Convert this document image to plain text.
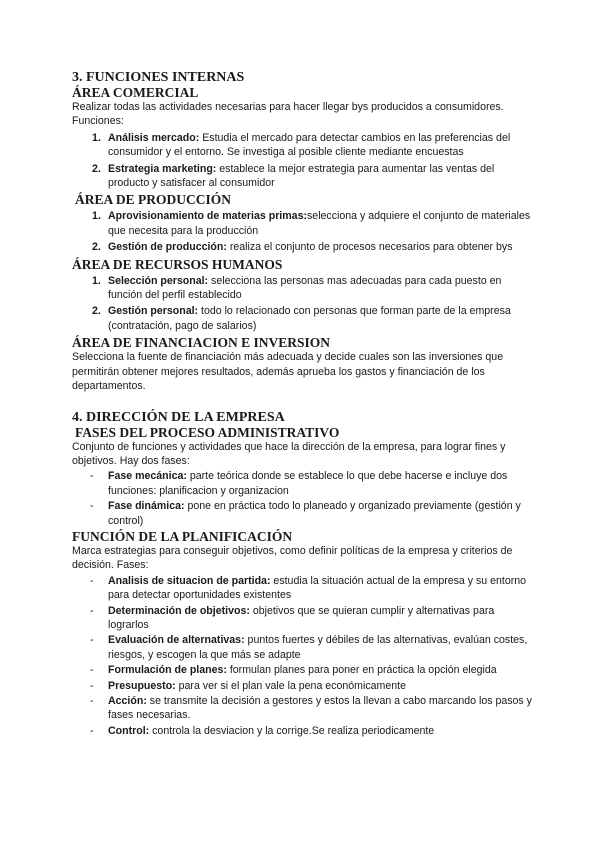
3. FUNCIONES INTERNAS
ÁREA COMERCIAL

Realizar todas las actividades necesarias para hacer llegar bys producidos a consumidores. Funciones:

1. Análisis mercado: Estudia el mercado para detectar cambios en las preferencias del consumidor y el entorno. Se investiga al posible cliente mediante encuestas
2. Estrategia marketing: establece la mejor estrategia para aumentar las ventas del producto y satisfacer al consumidor
ÁREA DE PRODUCCIÓN
1. Aprovisionamiento de materias primas:selecciona y adquiere el conjunto de materiales que necesita para la producción
2. Gestión de producción: realiza el conjunto de procesos necesarios para obtener bys
ÁREA DE RECURSOS HUMANOS
1. Selección personal: selecciona las personas mas adecuadas para cada puesto en función del perfil establecido
2. Gestión personal: todo lo relacionado con personas que forman parte de la empresa (contratación, pago de salarios)
ÁREA DE FINANCIACION E INVERSION

Selecciona la fuente de financiación más adecuada y decide cuales son las inversiones que permitirán obtener mejores resultados, además aprueba los gastos y financiación de los departamentos.

4. DIRECCIÓN DE LA EMPRESA
FASES DEL PROCESO ADMINISTRATIVO

Conjunto de funciones y actividades que hace la dirección de la empresa, para lograr fines y objetivos. Hay dos fases:

- Fase mecánica: parte teórica donde se establece lo que debe hacerse e incluye dos funciones: planificacion y organizacion
- Fase dinámica: pone en práctica todo lo planeado y organizado previamente (gestión y control)
FUNCIÓN DE LA PLANIFICACIÓN

Marca estrategias para conseguir objetivos, como definir políticas de la empresa y criterios de decisión. Fases:

- Analisis de situacion de partida: estudia la situación actual de la empresa y su entorno para detectar oportunidades existentes
- Determinación de objetivos: objetivos que se quieran cumplir y alternativas para lograrlos
- Evaluación de alternativas: puntos fuertes y débiles de las alternativas, evalúan costes, riesgos, y escogen la que más se adapte
- Formulación de planes: formulan planes para poner en práctica la opción elegida
- Presupuesto: para ver si el plan vale la pena económicamente
- Acción: se transmite la decisión a gestores y estos la llevan a cabo marcando los pasos y fases necesarias.
- Control: controla la desviacion y la corrige.Se realiza periodicamente
